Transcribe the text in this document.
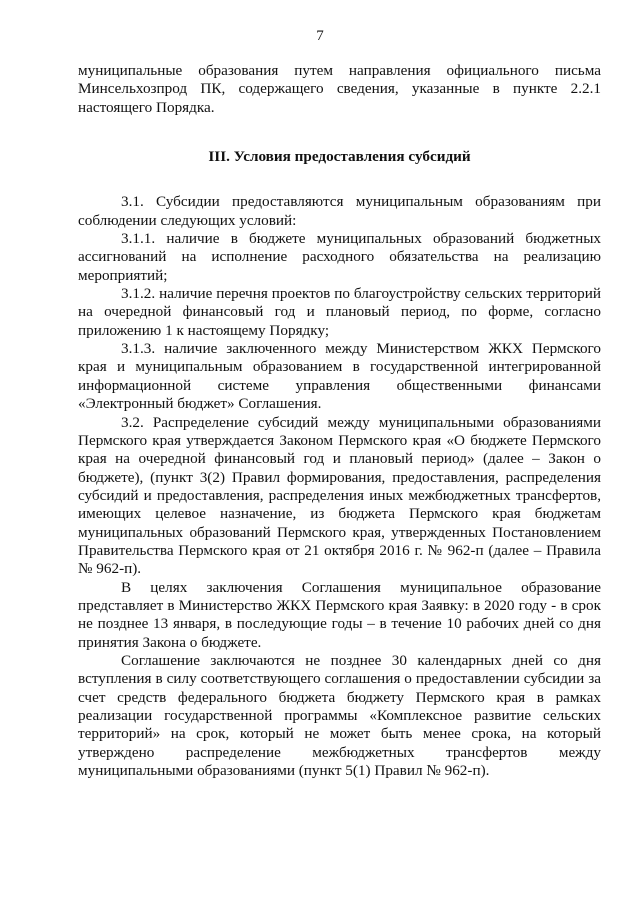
7

муниципальные образования путем направления официального письма Минсельхозпрод ПК, содержащего сведения, указанные в пункте 2.2.1 настоящего Порядка.

III. Условия предоставления субсидий

3.1. Субсидии предоставляются муниципальным образованиям при соблюдении следующих условий:

3.1.1. наличие в бюджете муниципальных образований бюджетных ассигнований на исполнение расходного обязательства на реализацию мероприятий;

3.1.2. наличие перечня проектов по благоустройству сельских территорий на очередной финансовый год и плановый период, по форме, согласно приложению 1 к настоящему Порядку;

3.1.3. наличие заключенного между Министерством ЖКХ Пермского края и муниципальным образованием в государственной интегрированной информационной системе управления общественными финансами «Электронный бюджет» Соглашения.

3.2. Распределение субсидий между муниципальными образованиями Пермского края утверждается Законом Пермского края «О бюджете Пермского края на очередной финансовый год и плановый период» (далее – Закон о бюджете), (пункт 3(2) Правил формирования, предоставления, распределения субсидий и предоставления, распределения иных межбюджетных трансфертов, имеющих целевое назначение, из бюджета Пермского края бюджетам муниципальных образований Пермского края, утвержденных Постановлением Правительства Пермского края от 21 октября 2016 г. № 962-п (далее – Правила № 962-п).

В целях заключения Соглашения муниципальное образование представляет в Министерство ЖКХ Пермского края Заявку: в 2020 году - в срок не позднее 13 января, в последующие годы – в течение 10 рабочих дней со дня принятия Закона о бюджете.

Соглашение заключаются не позднее 30 календарных дней со дня вступления в силу соответствующего соглашения о предоставлении субсидии за счет средств федерального бюджета бюджету Пермского края в рамках реализации государственной программы «Комплексное развитие сельских территорий» на срок, который не может быть менее срока, на который утверждено распределение межбюджетных трансфертов между муниципальными образованиями (пункт 5(1) Правил № 962-п).
